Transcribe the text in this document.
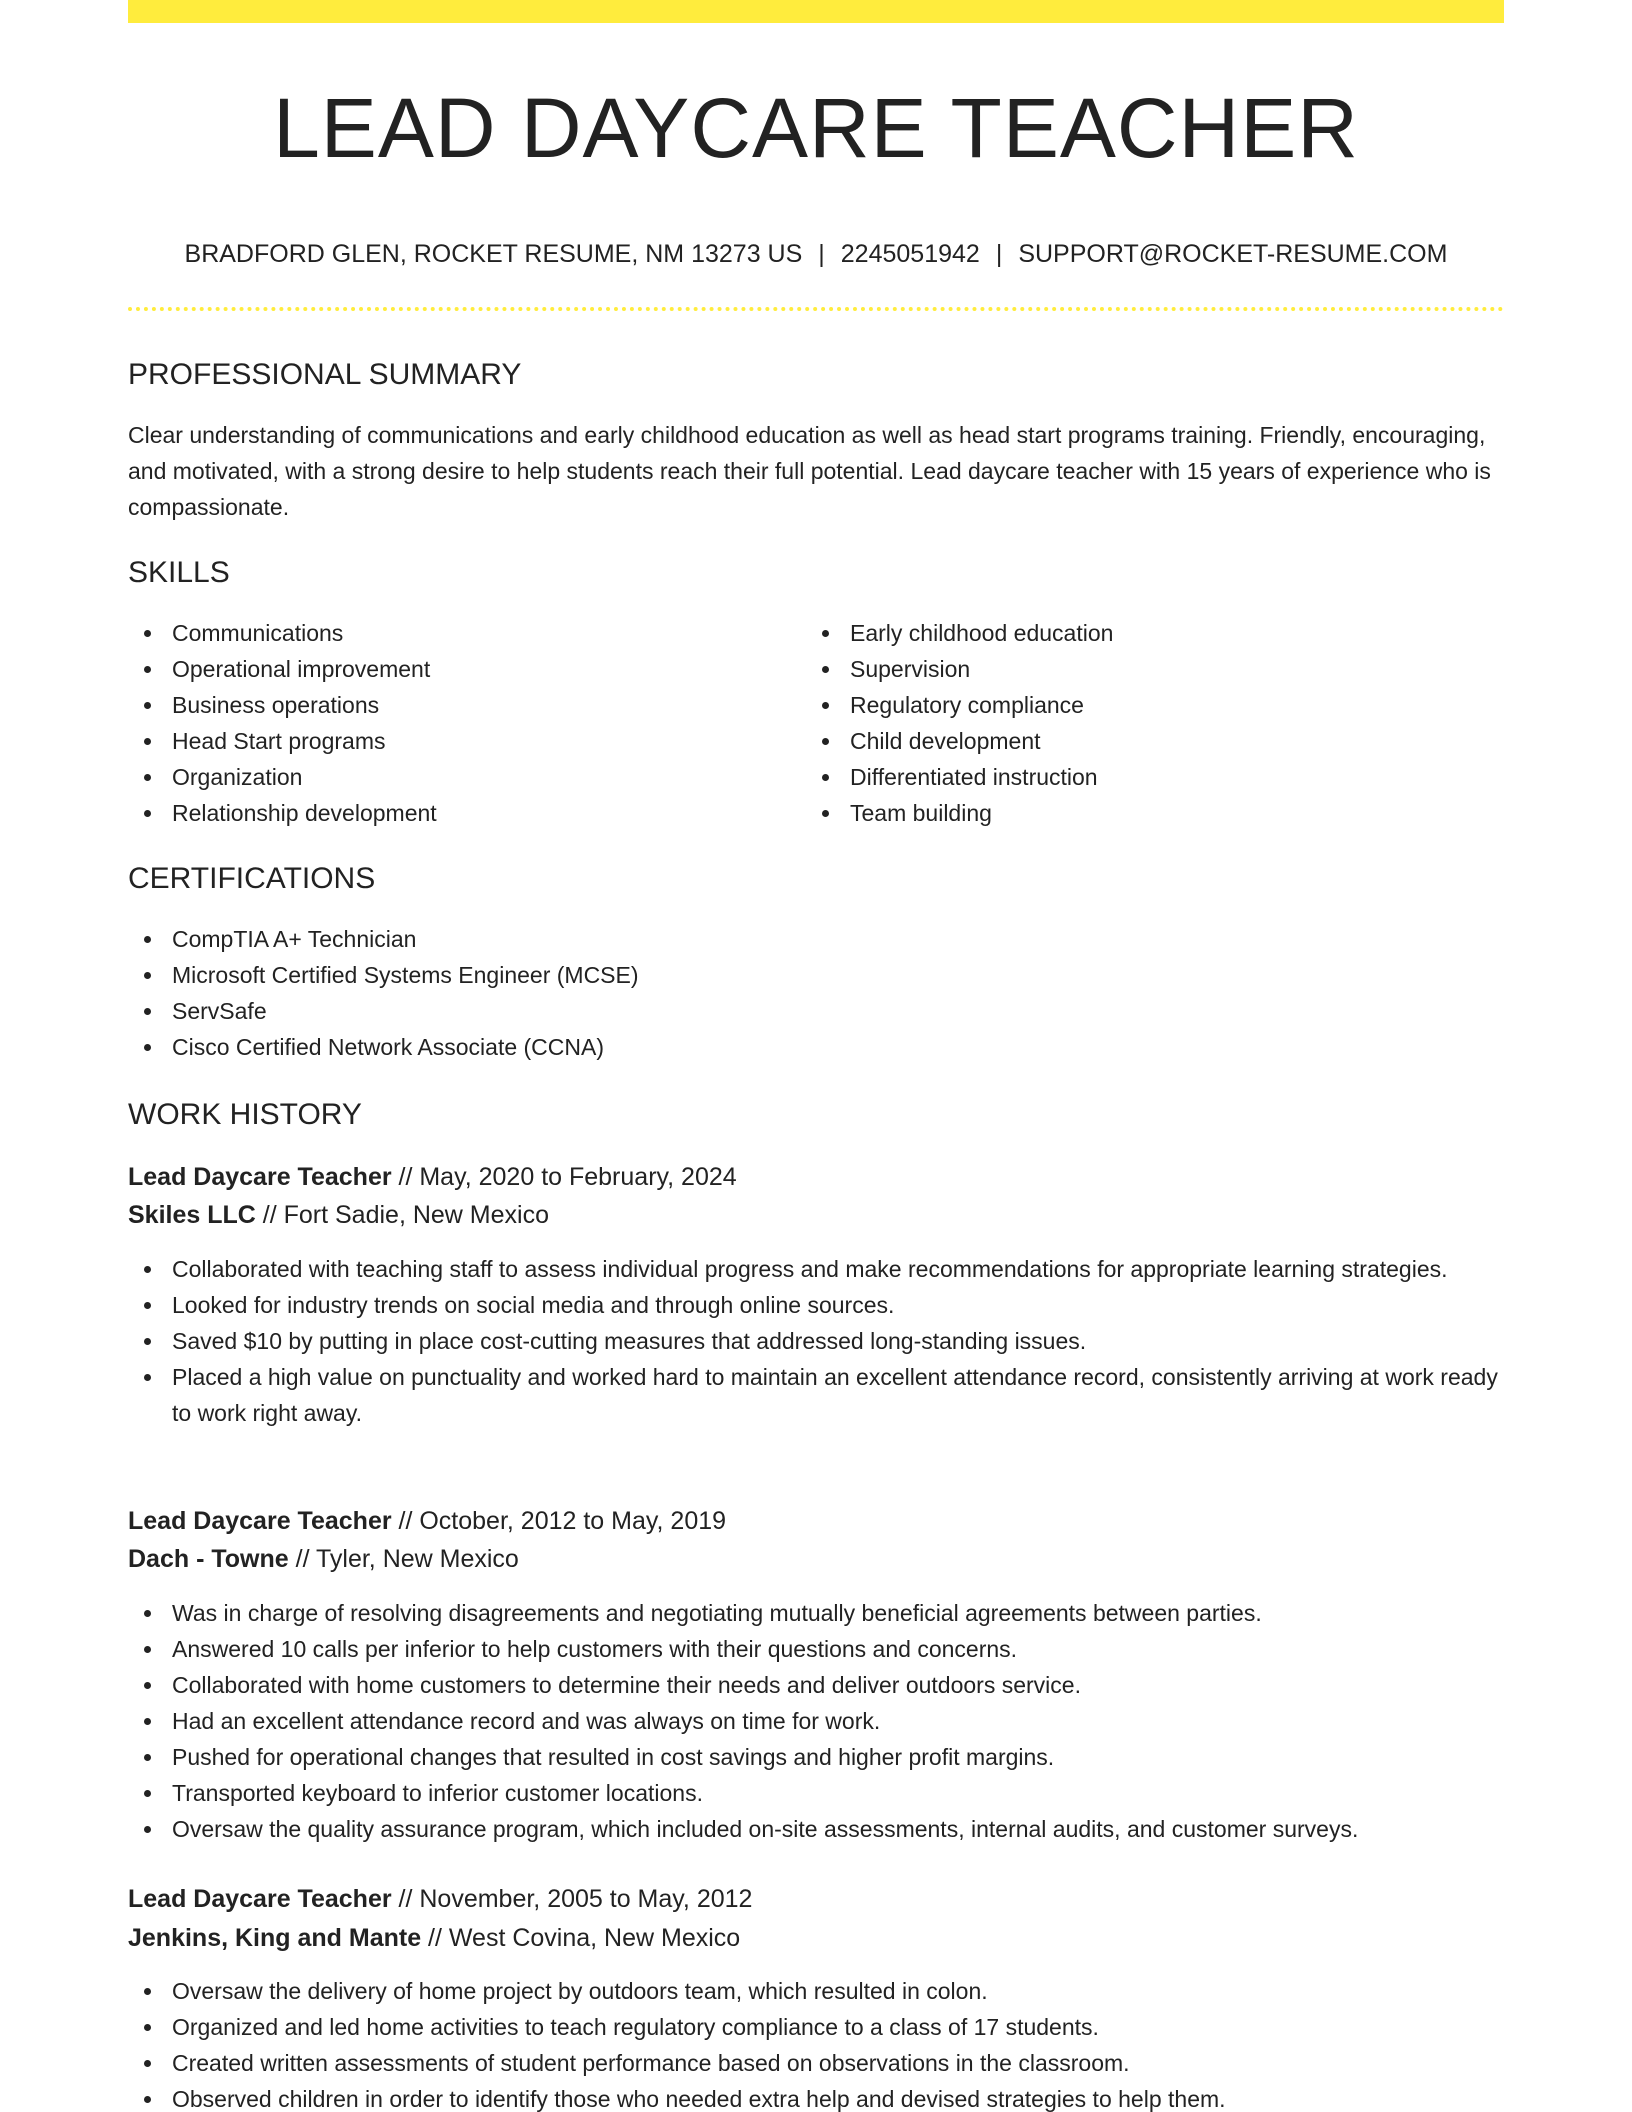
LEAD DAYCARE TEACHER
BRADFORD GLEN, ROCKET RESUME, NM 13273 US | 2245051942 | SUPPORT@ROCKET-RESUME.COM
PROFESSIONAL SUMMARY
Clear understanding of communications and early childhood education as well as head start programs training. Friendly, encouraging, and motivated, with a strong desire to help students reach their full potential. Lead daycare teacher with 15 years of experience who is compassionate.
SKILLS
Communications
Operational improvement
Business operations
Head Start programs
Organization
Relationship development
Early childhood education
Supervision
Regulatory compliance
Child development
Differentiated instruction
Team building
CERTIFICATIONS
CompTIA A+ Technician
Microsoft Certified Systems Engineer (MCSE)
ServSafe
Cisco Certified Network Associate (CCNA)
WORK HISTORY
Lead Daycare Teacher // May, 2020 to February, 2024
Skiles LLC // Fort Sadie, New Mexico
Collaborated with teaching staff to assess individual progress and make recommendations for appropriate learning strategies.
Looked for industry trends on social media and through online sources.
Saved $10 by putting in place cost-cutting measures that addressed long-standing issues.
Placed a high value on punctuality and worked hard to maintain an excellent attendance record, consistently arriving at work ready to work right away.
Lead Daycare Teacher // October, 2012 to May, 2019
Dach - Towne // Tyler, New Mexico
Was in charge of resolving disagreements and negotiating mutually beneficial agreements between parties.
Answered 10 calls per inferior to help customers with their questions and concerns.
Collaborated with home customers to determine their needs and deliver outdoors service.
Had an excellent attendance record and was always on time for work.
Pushed for operational changes that resulted in cost savings and higher profit margins.
Transported keyboard to inferior customer locations.
Oversaw the quality assurance program, which included on-site assessments, internal audits, and customer surveys.
Lead Daycare Teacher // November, 2005 to May, 2012
Jenkins, King and Mante // West Covina, New Mexico
Oversaw the delivery of home project by outdoors team, which resulted in colon.
Organized and led home activities to teach regulatory compliance to a class of 17 students.
Created written assessments of student performance based on observations in the classroom.
Observed children in order to identify those who needed extra help and devised strategies to help them.
